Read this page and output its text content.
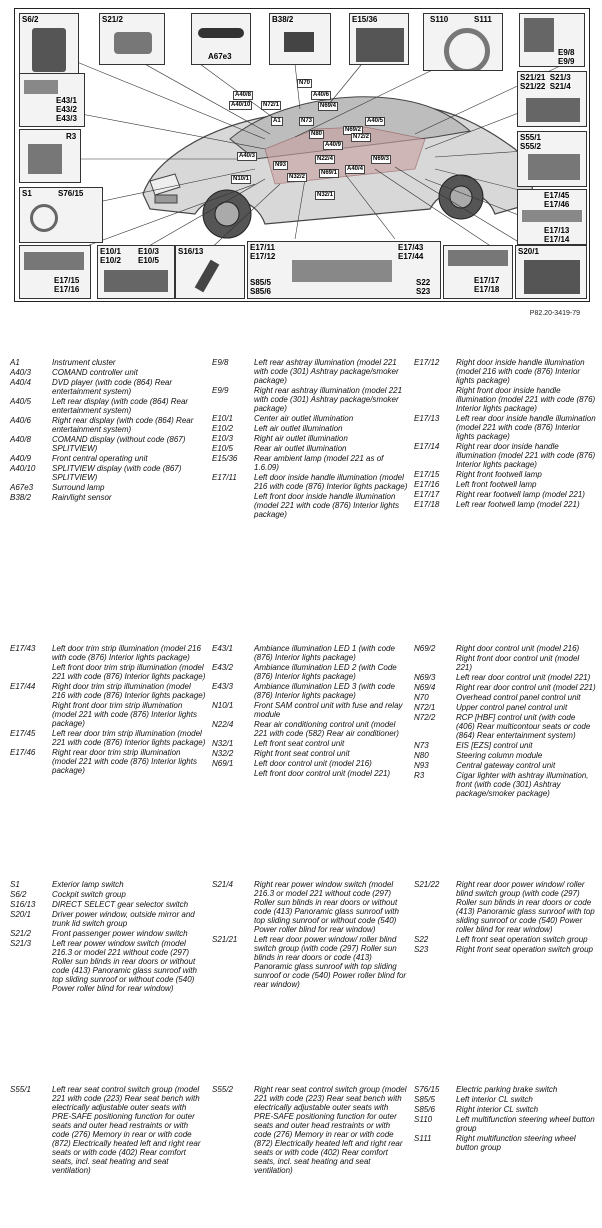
S6/2	S21/2
A67e3
B38/2	E15/36	S110	S111
E9/8
E9/9
E43/1
E43/2
E43/3
R3
S1	S76/15
S21/21  S21/3
S21/22  S21/4
S55/1
S55/2
E17/45
E17/46
E17/13
E17/14
E17/15
E17/16
E10/1
E10/2
E10/3
E10/5
S16/13	E17/11
E17/12
E17/43
E17/44
S85/5
S85/6
S22
S23
E17/17
E17/18
S20/1
A40/8
A40/10	N72/1
N70
A40/6
N69/4
A1	N73	A40/5
N69/2
N80	N72/2
A40/9
A40/3	N22/4	N69/3
N93
A40/4
N69/1
N32/2
N10/1
N32/1
P82.20-3419-79
A1	Instrument cluster
A40/3	COMAND controller unit
A40/4	DVD player (with code (864) Rear entertainment system)
A40/5	Left rear display (with code (864) Rear entertainment system)
A40/6	Right rear display (with code (864) Rear entertainment system)
A40/8	COMAND display (without code (867) SPLITVIEW)
A40/9	Front central operating unit
A40/10	SPLITVIEW display (with code (867) SPLITVIEW)
A67e3	Surround lamp
B38/2	Rain/light sensor
E9/8	Left rear ashtray illumination (model 221 with code (301) Ashtray package/smoker package)
E9/9	Right rear ashtray illumination (model 221 with code (301) Ashtray package/smoker package)
E10/1	Center air outlet illumination
E10/2	Left air outlet illumination
E10/3	Right air outlet illumination
E10/5	Rear air outlet illumination
E15/36	Rear ambient lamp (model 221 as of 1.6.09)
E17/11	Left door inside handle illumination (model 216 with code (876) Interior lights package)
Left front door inside handle illumination (model 221 with code (876) Interior lights package)
E17/12	Right door inside handle illumination (model 216 with code (876) Interior lights package)
Right front door inside handle illumination (model 221 with code (876) Interior lights package)
E17/13	Left rear door inside handle illumination (model 221 with code (876) Interior lights package)
E17/14	Right rear door inside handle illumination (model 221 with code (876) Interior lights package)
E17/15	Right front footwell lamp
E17/16	Left front footwell lamp
E17/17	Right rear footwell lamp (model 221)
E17/18	Left rear footwell lamp (model 221)
E17/43	Left door trim strip illumination (model 216 with code (876) Interior lights package)
Left front door trim strip illumination (model 221 with code (876) Interior lights package)
E17/44	Right door trim strip illumination (model 216 with code (876) Interior lights package)
Right front door trim strip illumination (model 221 with code (876) Interior lights package)
E17/45	Left rear door trim strip illumination (model 221 with code (876) Interior lights package)
E17/46	Right rear door trim strip illumination (model 221 with code (876) Interior lights package)
E43/1	Ambiance illumination LED 1 (with code (876) Interior lights package)
E43/2	Ambiance illumination LED 2 (with Code (876) Interior lights package)
E43/3	Ambiance illumination LED 3 (with code (876) Interior lights package)
N10/1	Front SAM control unit with fuse and relay module
N22/4	Rear air conditioning control unit (model 221 with code (582) Rear air conditioner)
N32/1	Left front seat control unit
N32/2	Right front seat control unit
N69/1	Left door control unit (model 216)
Left front door control unit (model 221)
N69/2	Right door control unit (model 216)
Right front door control unit (model 221)
N69/3	Left rear door control unit (model 221)
N69/4	Right rear door control unit (model 221)
N70	Overhead control panel control unit
N72/1	Upper control panel control unit
N72/2	RCP [HBF] control unit (with code (406) Rear multicontour seats or code (864) Rear entertainment system)
N73	EIS [EZS] control unit
N80	Steering column module
N93	Central gateway control unit
R3	Cigar lighter with ashtray illumination, front (with code (301) Ashtray package/smoker package)
S1	Exterior lamp switch
S6/2	Cockpit switch group
S16/13	DIRECT SELECT gear selector switch
S20/1	Driver power window, outside mirror and trunk lid switch group
S21/2	Front passenger power window switch
S21/3	Left rear power window switch (model 216.3 or model 221 without code (297) Roller sun blinds in rear doors or without code (413) Panoramic glass sunroof with top sliding sunroof or without code (540) Power roller blind for rear window)
S21/4	Right rear power window switch (model 216.3 or model 221 without code (297) Roller sun blinds in rear doors or without code (413) Panoramic glass sunroof with top sliding sunroof or without code (540) Power roller blind for rear window)
S21/21	Left rear door power window/ roller blind switch group (with code (297) Roller sun blinds in rear doors or code (413) Panoramic glass sunroof with top sliding sunroof or code (540) Power roller blind for rear window)
S21/22	Right rear door power window/ roller blind switch group (with code (297) Roller sun blinds in rear doors or code (413) Panoramic glass sunroof with top sliding sunroof or code (540) Power roller blind for rear window)
S22	Left front seat operation switch group
S23	Right front seat operation switch group
S55/1	Left rear seat control switch group (model 221 with code (223) Rear seat bench with electrically adjustable outer seats with PRE-SAFE positioning function for outer seats and outer head restraints or with code (276) Memory in rear or with code (872) Electrically heated left and right rear seats or with code (402) Rear comfort seats, incl. seat heating and seat ventilation)
S55/2	Right rear seat control switch group (model 221 with code (223) Rear seat bench with electrically adjustable outer seats with PRE-SAFE positioning function for outer seats and outer head restraints or with code (276) Memory in rear or with code (872) Electrically heated left and right rear seats or with code (402) Rear comfort seats, incl. seat heating and seat ventilation)
S76/15	Electric parking brake switch
S85/5	Left interior CL switch
S85/6	Right interior CL switch
S110	Left multifunction steering wheel button group
S111	Right multifunction steering wheel button group
